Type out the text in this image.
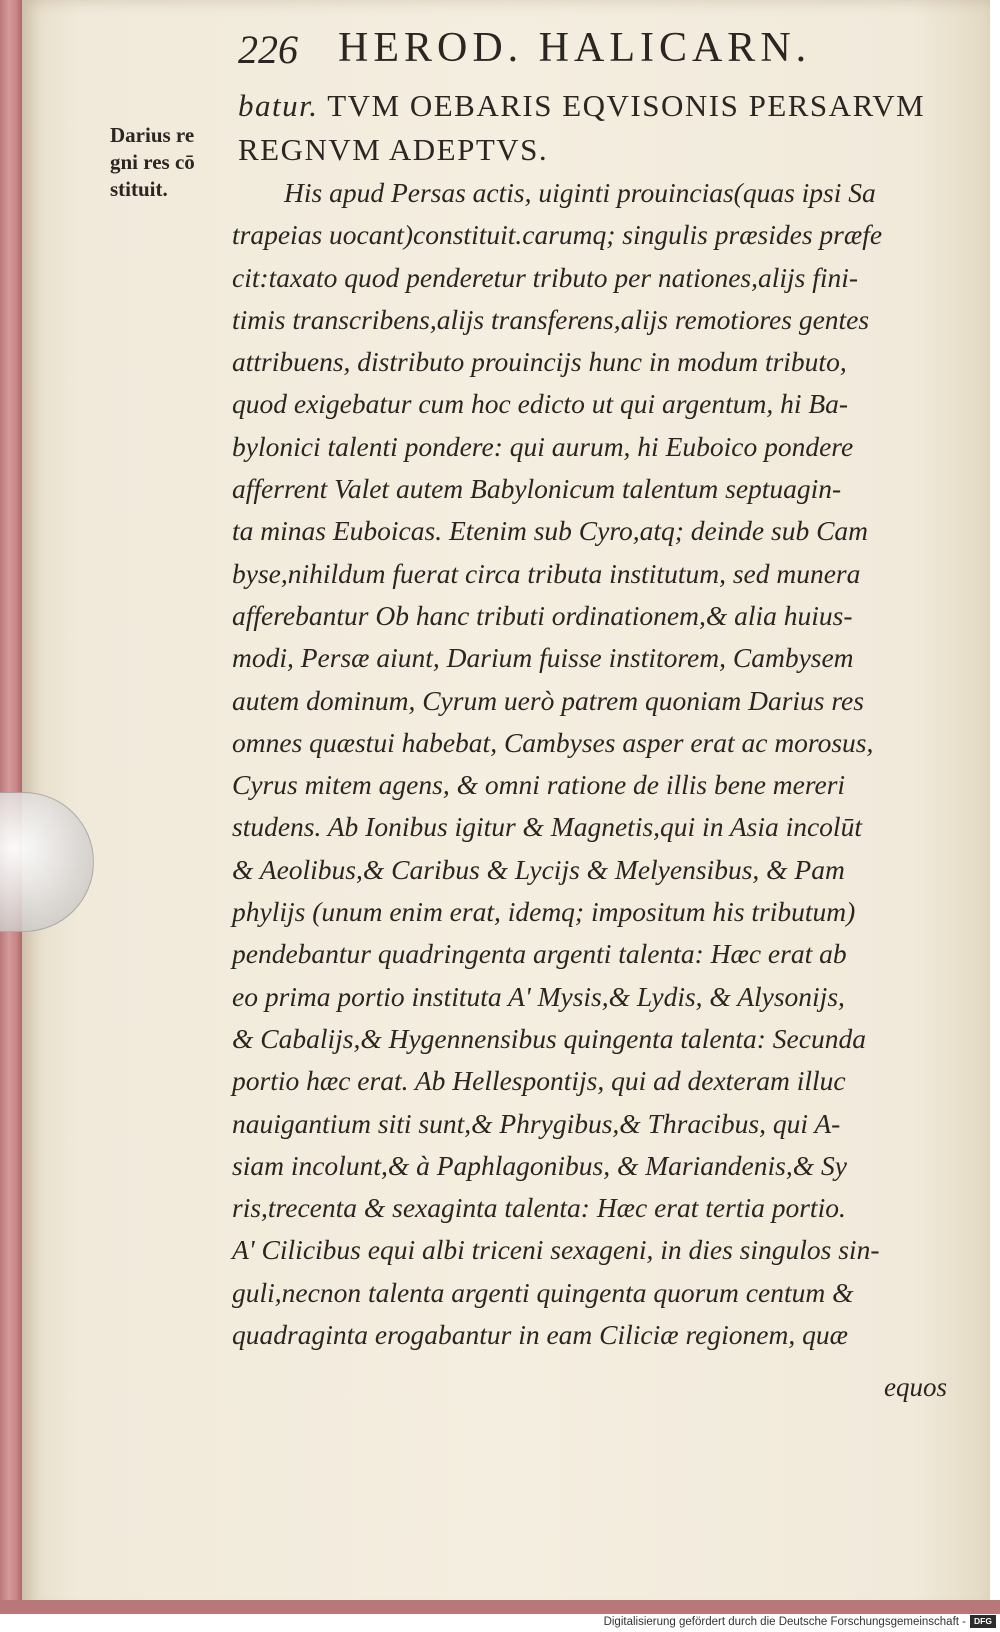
226 HEROD. HALICARN.
Darius re
gni res cō
stituit.
batur. TVM OEBARIS EQVISONIS PERSARVM
REGNVM ADEPTVS.
His apud Persas actis, uiginti prouincias(quas ipsi Sa
trapeias uocant)constituit.carumq; singulis præsides præfe
cit:taxato quod penderetur tributo per nationes,alijs fini-
timis transcribens,alijs transferens,alijs remotiores gentes
attribuens, distributo prouincijs hunc in modum tributo,
quod exigebatur cum hoc edicto ut qui argentum, hi Ba-
bylonici talenti pondere: qui aurum, hi Euboico pondere
afferrent Valet autem Babylonicum talentum septuagin-
ta minas Euboicas. Etenim sub Cyro,atq; deinde sub Cam
byse,nihildum fuerat circa tributa institutum, sed munera
afferebantur Ob hanc tributi ordinationem,& alia huius-
modi, Persæ aiunt, Darium fuisse institorem, Cambysem
autem dominum, Cyrum uerò patrem quoniam Darius res
omnes quæstui habebat, Cambyses asper erat ac morosus,
Cyrus mitem agens, & omni ratione de illis bene mereri
studens. Ab Ionibus igitur & Magnetis,qui in Asia incolūt
& Aeolibus,& Caribus & Lycijs & Melyensibus, & Pam
phylijs (unum enim erat, idemq; impositum his tributum)
pendebantur quadringenta argenti talenta: Hæc erat ab
eo prima portio instituta A' Mysis,& Lydis, & Alysonijs,
& Cabalijs,& Hygennensibus quingenta talenta: Secunda
portio hæc erat. Ab Hellespontijs, qui ad dexteram illuc
nauigantium siti sunt,& Phrygibus,& Thracibus, qui A-
siam incolunt,& à Paphlagonibus, & Mariandenis,& Sy
ris,trecenta & sexaginta talenta: Hæc erat tertia portio.
A' Cilicibus equi albi triceni sexageni, in dies singulos sin-
guli,necnon talenta argenti quingenta quorum centum &
quadraginta erogabantur in eam Ciliciæ regionem, quæ
equos
Digitalisierung gefördert durch die Deutsche Forschungsgemeinschaft - DFG
